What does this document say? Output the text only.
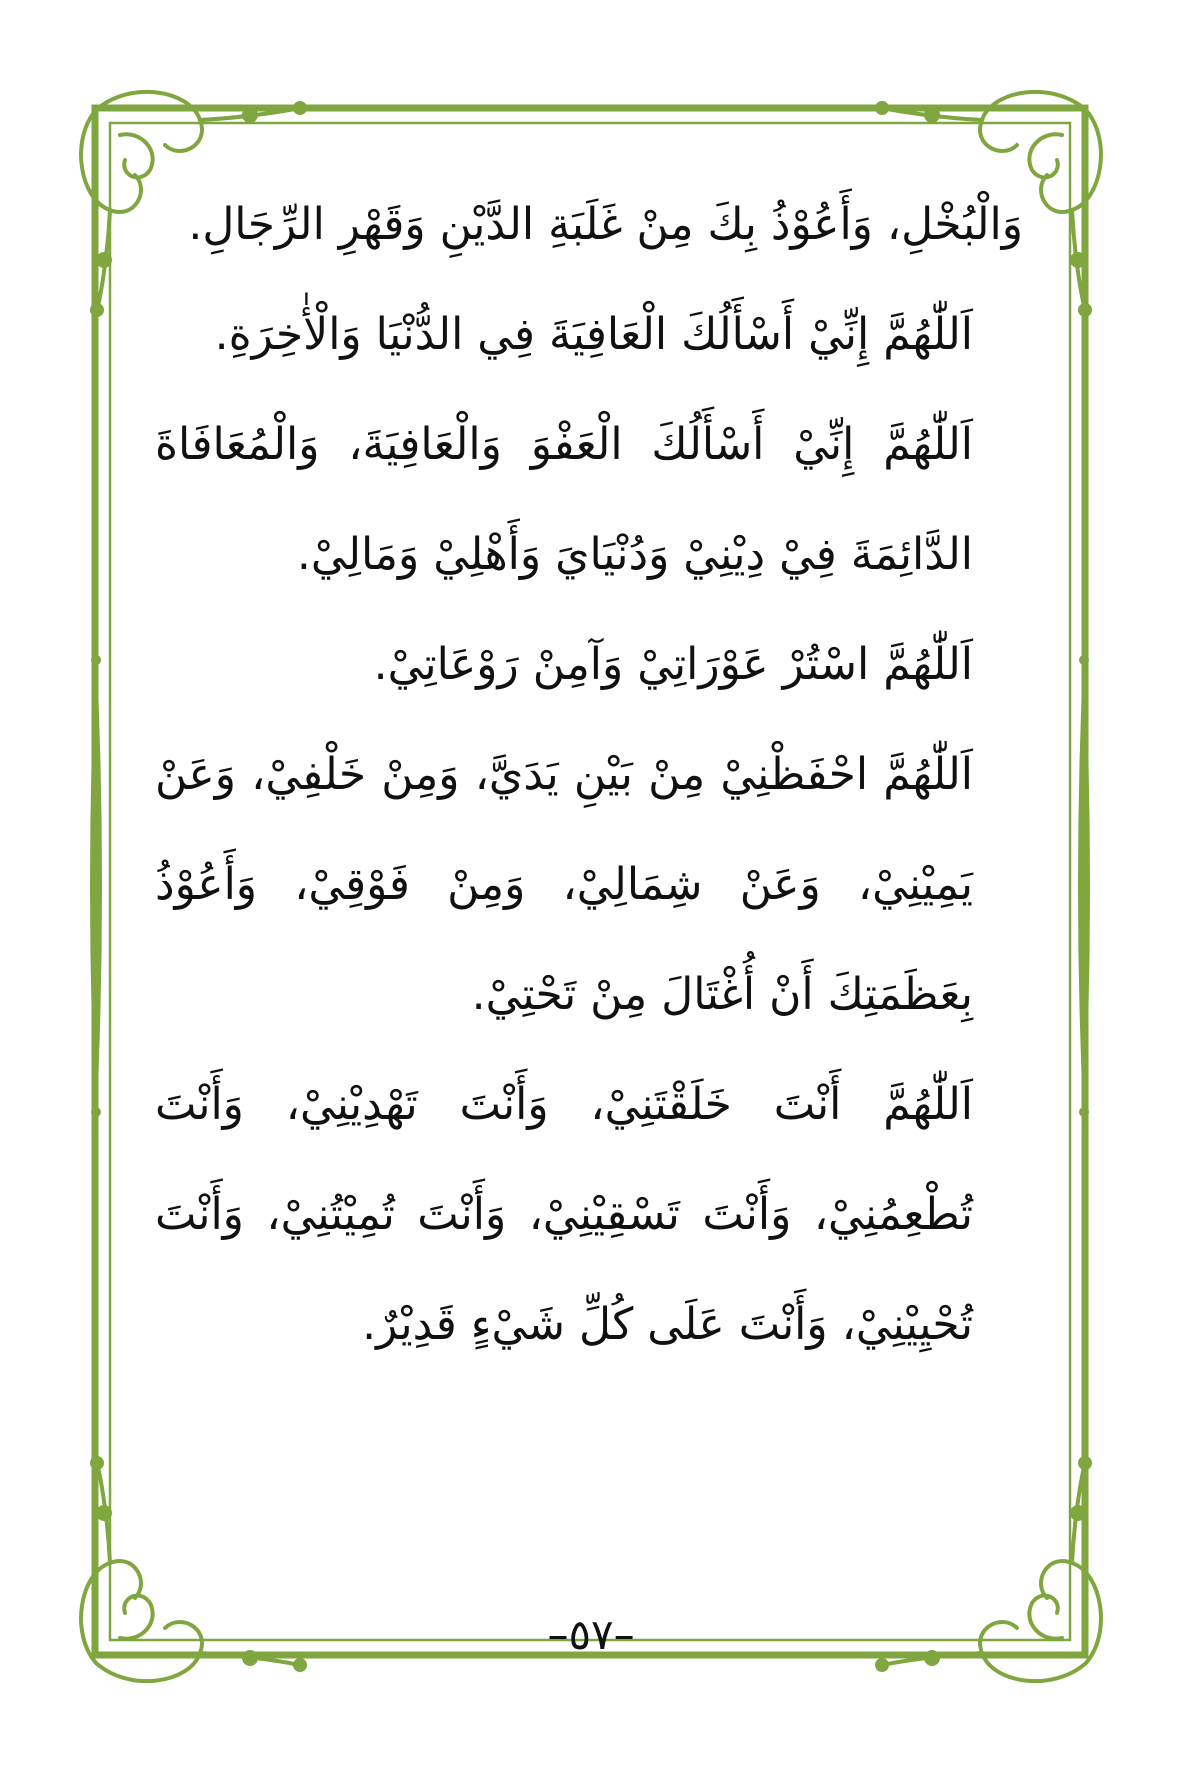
وَالْبُخْلِ، وَأَعُوْذُ بِكَ مِنْ غَلَبَةِ الدَّيْنِ وَقَهْرِ الرِّجَالِ.

اَللّٰهُمَّ إِنِّيْ أَسْأَلُكَ الْعَافِيَةَ فِي الدُّنْيَا وَالْأٰخِرَةِ.

اَللّٰهُمَّ إِنِّيْ أَسْأَلُكَ الْعَفْوَ وَالْعَافِيَةَ، وَالْمُعَافَاةَ الدَّائِمَةَ فِيْ دِيْنِيْ وَدُنْيَايَ وَأَهْلِيْ وَمَالِيْ.

اَللّٰهُمَّ اسْتُرْ عَوْرَاتِيْ وَآمِنْ رَوْعَاتِيْ.

اَللّٰهُمَّ احْفَظْنِيْ مِنْ بَيْنِ يَدَيَّ، وَمِنْ خَلْفِيْ، وَعَنْ يَمِيْنِيْ، وَعَنْ شِمَالِيْ، وَمِنْ فَوْقِيْ، وَأَعُوْذُ بِعَظَمَتِكَ أَنْ أُغْتَالَ مِنْ تَحْتِيْ.

اَللّٰهُمَّ أَنْتَ خَلَقْتَنِيْ، وَأَنْتَ تَهْدِيْنِيْ، وَأَنْتَ تُطْعِمُنِيْ، وَأَنْتَ تَسْقِيْنِيْ، وَأَنْتَ تُمِيْتُنِيْ، وَأَنْتَ تُحْيِيْنِيْ، وَأَنْتَ عَلَى كُلِّ شَيْءٍ قَدِيْرٌ.

–٥٧–
